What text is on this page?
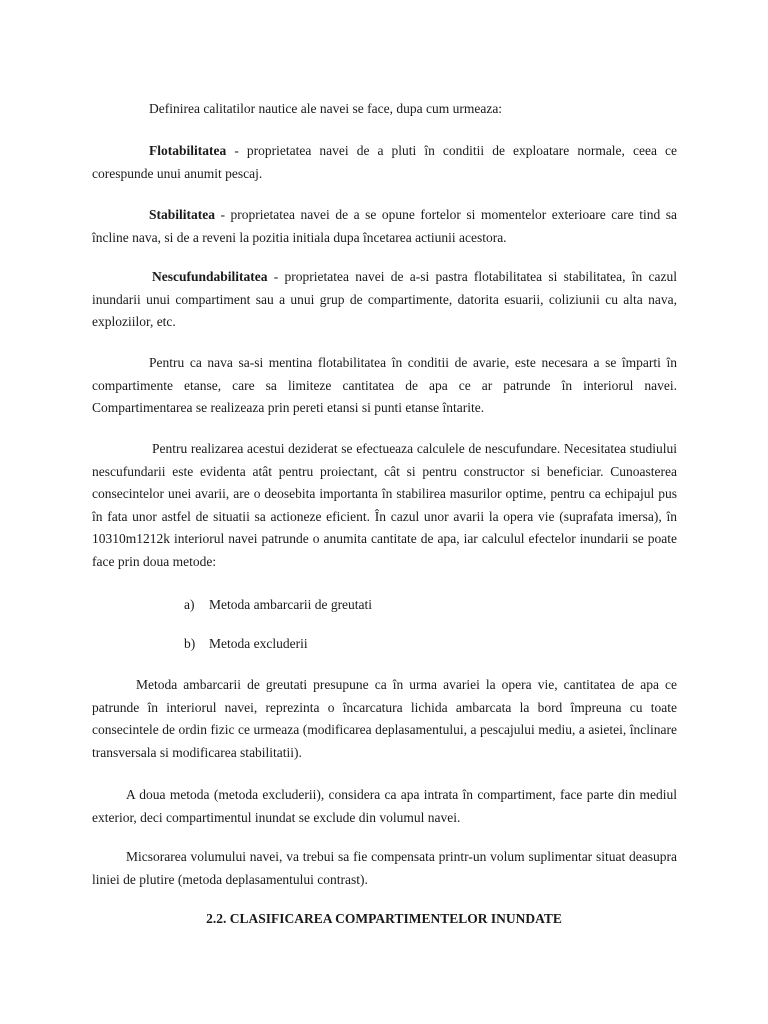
Definirea calitatilor nautice ale navei se face, dupa cum urmeaza:

Flotabilitatea - proprietatea navei de a pluti în conditii de exploatare normale, ceea ce corespunde unui anumit pescaj.

Stabilitatea - proprietatea navei de a se opune fortelor si momentelor exterioare care tind sa încline nava, si de a reveni la pozitia initiala dupa încetarea actiunii acestora.

Nescufundabilitatea - proprietatea navei de a-si pastra flotabilitatea si stabilitatea, în cazul inundarii unui compartiment sau a unui grup de compartimente, datorita esuarii, coliziunii cu alta nava, exploziilor, etc.

Pentru ca nava sa-si mentina flotabilitatea în conditii de avarie, este necesara a se împarti în compartimente etanse, care sa limiteze cantitatea de apa ce ar patrunde în interiorul navei. Compartimentarea se realizeaza prin pereti etansi si punti etanse întarite.

Pentru realizarea acestui deziderat se efectueaza calculele de nescufundare. Necesitatea studiului nescufundarii este evidenta atât pentru proiectant, cât si pentru constructor si beneficiar. Cunoasterea consecintelor unei avarii, are o deosebita importanta în stabilirea masurilor optime, pentru ca echipajul pus în fata unor astfel de situatii sa actioneze eficient. În cazul unor avarii la opera vie (suprafata imersa), în 10310m1212k interiorul navei patrunde o anumita cantitate de apa, iar calculul efectelor inundarii se poate face prin doua metode:

a) Metoda ambarcarii de greutati
b) Metoda excluderii

Metoda ambarcarii de greutati presupune ca în urma avariei la opera vie, cantitatea de apa ce patrunde în interiorul navei, reprezinta o încarcatura lichida ambarcata la bord împreuna cu toate consecintele de ordin fizic ce urmeaza (modificarea deplasamentului, a pescajului mediu, a asietei, înclinare transversala si modificarea stabilitatii).

A doua metoda (metoda excluderii), considera ca apa intrata în compartiment, face parte din mediul exterior, deci compartimentul inundat se exclude din volumul navei.

Micsorarea volumului navei, va trebui sa fie compensata printr-un volum suplimentar situat deasupra liniei de plutire (metoda deplasamentului contrast).

2.2. CLASIFICAREA COMPARTIMENTELOR INUNDATE
